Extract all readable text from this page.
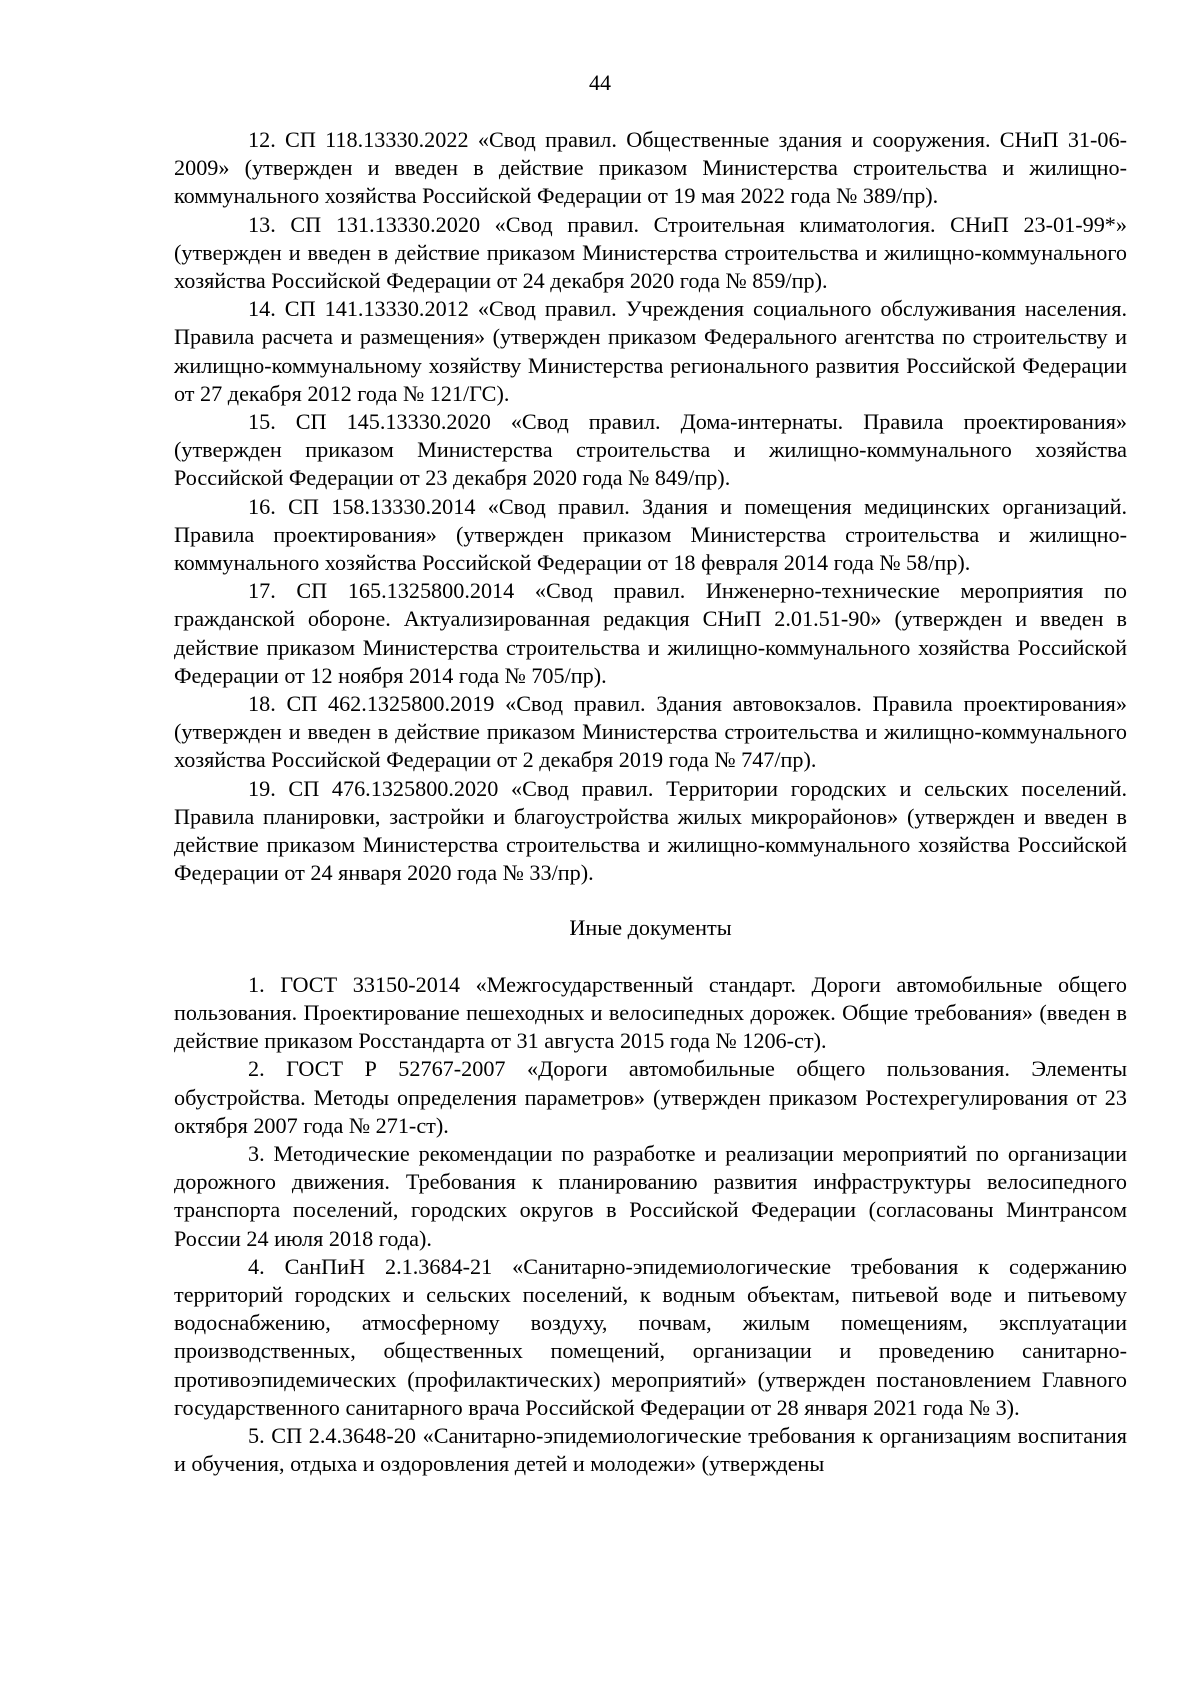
44

12. СП 118.13330.2022 «Свод правил. Общественные здания и сооружения. СНиП 31-06-2009» (утвержден и введен в действие приказом Министерства строительства и жилищно-коммунального хозяйства Российской Федерации от 19 мая 2022 года № 389/пр).

13. СП 131.13330.2020 «Свод правил. Строительная климатология. СНиП 23-01-99*» (утвержден и введен в действие приказом Министерства строительства и жилищно-коммунального хозяйства Российской Федерации от 24 декабря 2020 года № 859/пр).

14. СП 141.13330.2012 «Свод правил. Учреждения социального обслуживания населения. Правила расчета и размещения» (утвержден приказом Федерального агентства по строительству и жилищно-коммунальному хозяйству Министерства регионального развития Российской Федерации от 27 декабря 2012 года № 121/ГС).

15. СП 145.13330.2020 «Свод правил. Дома-интернаты. Правила проектирования» (утвержден приказом Министерства строительства и жилищно-коммунального хозяйства Российской Федерации от 23 декабря 2020 года № 849/пр).

16. СП 158.13330.2014 «Свод правил. Здания и помещения медицинских организаций. Правила проектирования» (утвержден приказом Министерства строительства и жилищно-коммунального хозяйства Российской Федерации от 18 февраля 2014 года № 58/пр).

17. СП 165.1325800.2014 «Свод правил. Инженерно-технические мероприятия по гражданской обороне. Актуализированная редакция СНиП 2.01.51-90» (утвержден и введен в действие приказом Министерства строительства и жилищно-коммунального хозяйства Российской Федерации от 12 ноября 2014 года № 705/пр).

18. СП 462.1325800.2019 «Свод правил. Здания автовокзалов. Правила проектирования» (утвержден и введен в действие приказом Министерства строительства и жилищно-коммунального хозяйства Российской Федерации от 2 декабря 2019 года № 747/пр).

19. СП 476.1325800.2020 «Свод правил. Территории городских и сельских поселений. Правила планировки, застройки и благоустройства жилых микрорайонов» (утвержден и введен в действие приказом Министерства строительства и жилищно-коммунального хозяйства Российской Федерации от 24 января 2020 года № 33/пр).

Иные документы

1. ГОСТ 33150-2014 «Межгосударственный стандарт. Дороги автомобильные общего пользования. Проектирование пешеходных и велосипедных дорожек. Общие требования» (введен в действие приказом Росстандарта от 31 августа 2015 года № 1206-ст).

2. ГОСТ Р 52767-2007 «Дороги автомобильные общего пользования. Элементы обустройства. Методы определения параметров» (утвержден приказом Ростехрегулирования от 23 октября 2007 года № 271-ст).

3. Методические рекомендации по разработке и реализации мероприятий по организации дорожного движения. Требования к планированию развития инфраструктуры велосипедного транспорта поселений, городских округов в Российской Федерации (согласованы Минтрансом России 24 июля 2018 года).

4. СанПиН 2.1.3684-21 «Санитарно-эпидемиологические требования к содержанию территорий городских и сельских поселений, к водным объектам, питьевой воде и питьевому водоснабжению, атмосферному воздуху, почвам, жилым помещениям, эксплуатации производственных, общественных помещений, организации и проведению санитарно-противоэпидемических (профилактических) мероприятий» (утвержден постановлением Главного государственного санитарного врача Российской Федерации от 28 января 2021 года № 3).

5. СП 2.4.3648-20 «Санитарно-эпидемиологические требования к организациям воспитания и обучения, отдыха и оздоровления детей и молодежи» (утверждены
